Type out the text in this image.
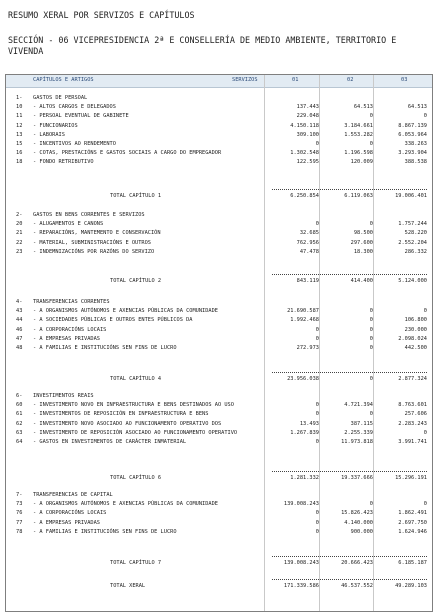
RESUMO XERAL POR SERVIZOS E CAPÍTULOS
SECCIÓN - 06 VICEPRESIDENCIA 2ª E CONSELLERÍA DE MEDIO AMBIENTE, TERRITORIO E VIVENDA
CAPÍTULOS E ARTIGOS	SERVIZOS	01	02	03
1- GASTOS DE PERSOAL
10 - ALTOS CARGOS E DELEGADOS	137.443	64.513	64.513
11 - PERSOAL EVENTUAL DE GABINETE	229.048	0	0
12 - FUNCIONARIOS	4.150.118	3.184.661	8.867.139
13 - LABORAIS	309.100	1.553.282	6.053.964
15 - INCENTIVOS AO RENDEMENTO	0	0	338.263
16 - COTAS, PRESTACIÓNS E GASTOS SOCIAIS A CARGO DO EMPREGADOR	1.302.548	1.196.598	3.293.904
18 - FONDO RETRIBUTIVO	122.595	120.009	388.538
2- GASTOS EN BENS CORRENTES E SERVIZOS
20 - ALUGAMENTOS E CANONS	0	0	1.757.244
21 - REPARACIÓNS, MANTEMENTO E CONSERVACIÓN	32.685	98.500	528.220
22 - MATERIAL, SUBMINISTRACIÓNS E OUTROS	762.956	297.600	2.552.204
23 - INDEMNIZACIÓNS POR RAZÓNS DO SERVIZO	47.478	18.300	286.332
4- TRANSFERENCIAS CORRENTES
43 - A ORGANISMOS AUTÓNOMOS E AXENCIAS PÚBLICAS DA COMUNIDADE	21.690.587	0	0
44 - A SOCIEDADES PÚBLICAS E OUTROS ENTES PÚBLICOS DA	1.992.468	0	106.800
46 - A CORPORACIÓNS LOCAIS	0	0	230.000
47 - A EMPRESAS PRIVADAS	0	0	2.098.024
48 - A FAMILIAS E INSTITUCIÓNS SEN FINS DE LUCRO	272.973	0	442.500
6- INVESTIMENTOS REAIS
60 - INVESTIMENTO NOVO EN INFRAESTRUCTURA E BENS DESTINADOS AO USO	0	4.721.394	8.763.601
61 - INVESTIMENTOS DE REPOSICIÓN EN INFRAESTRUCTURA E BENS	0	0	257.606
62 - INVESTIMENTO NOVO ASOCIADO AO FUNCIONAMENTO OPERATIVO DOS	13.493	387.115	2.283.243
63 - INVESTIMENTO DE REPOSICIÓN ASOCIADO AO FUNCIONAMENTO OPERATIVO	1.267.839	2.255.339	0
64 - GASTOS EN INVESTIMENTOS DE CARÁCTER INMATERIAL	0	11.973.818	3.991.741
7- TRANSFERENCIAS DE CAPITAL
73 - A ORGANISMOS AUTÓNOMOS E AXENCIAS PÚBLICAS DA COMUNIDADE	139.008.243	0	0
76 - A CORPORACIÓNS LOCAIS	0	15.826.423	1.862.491
77 - A EMPRESAS PRIVADAS	0	4.140.000	2.697.750
78 - A FAMILIAS E INSTITUCIÓNS SEN FINS DE LUCRO	0	900.000	1.624.946
TOTAL CAPÍTULO 1	6.250.854	6.119.063	19.006.401
TOTAL CAPÍTULO 2	843.119	414.400	5.124.000
TOTAL CAPÍTULO 4	23.956.038	0	2.877.324
TOTAL CAPÍTULO 6	1.281.332	19.337.666	15.296.191
TOTAL CAPÍTULO 7	139.008.243	20.666.423	6.185.187
TOTAL XERAL	171.339.586	46.537.552	49.289.103
